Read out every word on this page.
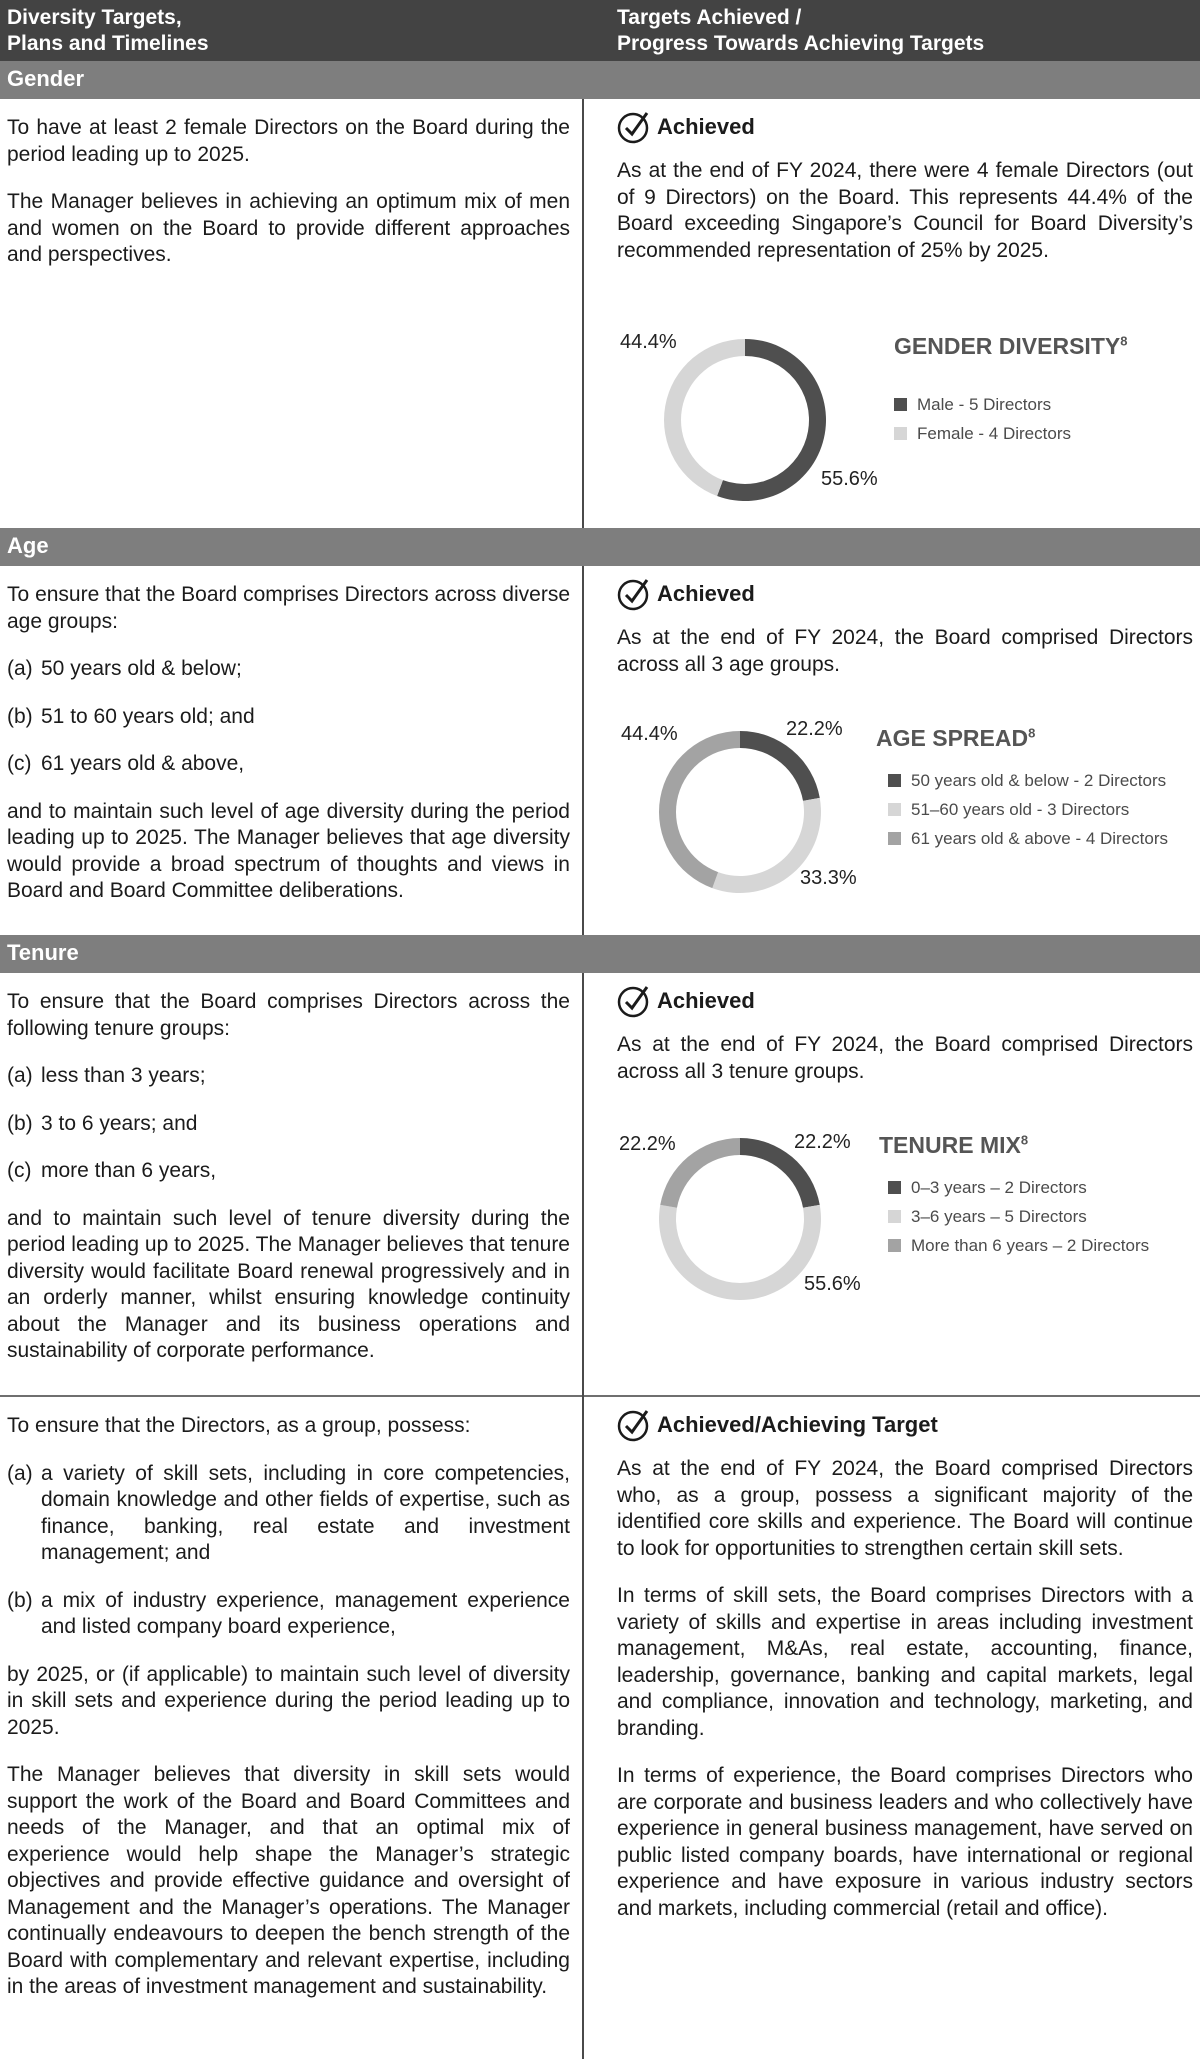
Diversity Targets,
Plans and Timelines
Targets Achieved /
Progress Towards Achieving Targets
Gender

To have at least 2 female Directors on the Board during the period leading up to 2025.

The Manager believes in achieving an optimum mix of men and women on the Board to provide different approaches and perspectives.

Achieved

As at the end of FY 2024, there were 4 female Directors (out of 9 Directors) on the Board. This represents 44.4% of the Board exceeding Singapore’s Council for Board Diversity’s recommended representation of 25% by 2025.

44.4%
55.6%
GENDER DIVERSITY$^8$
Male - 5 Directors
Female - 4 Directors
Age

To ensure that the Board comprises Directors across diverse age groups:

(a) 50 years old & below;
(b) 51 to 60 years old; and
(c) 61 years old & above,

and to maintain such level of age diversity during the period leading up to 2025. The Manager believes that age diversity would provide a broad spectrum of thoughts and views in Board and Board Committee deliberations.

Achieved

As at the end of FY 2024, the Board comprised Directors across all 3 age groups.

44.4%	22.2%
33.3%
AGE SPREAD$^8$
50 years old & below - 2 Directors
51–60 years old - 3 Directors
61 years old & above - 4 Directors
Tenure

To ensure that the Board comprises Directors across the following tenure groups:

(a) less than 3 years;
(b) 3 to 6 years; and
(c) more than 6 years,

and to maintain such level of tenure diversity during the period leading up to 2025. The Manager believes that tenure diversity would facilitate Board renewal progressively and in an orderly manner, whilst ensuring knowledge continuity about the Manager and its business operations and sustainability of corporate performance.

Achieved

As at the end of FY 2024, the Board comprised Directors across all 3 tenure groups.

22.2%	22.2%
55.6%
TENURE MIX$^8$
0–3 years – 2 Directors
3–6 years – 5 Directors
More than 6 years – 2 Directors

To ensure that the Directors, as a group, possess:

(a) a variety of skill sets, including in core competencies, domain knowledge and other fields of expertise, such as finance, banking, real estate and investment management; and
(b) a mix of industry experience, management experience and listed company board experience,

by 2025, or (if applicable) to maintain such level of diversity in skill sets and experience during the period leading up to 2025.

The Manager believes that diversity in skill sets would support the work of the Board and Board Committees and needs of the Manager, and that an optimal mix of experience would help shape the Manager’s strategic objectives and provide effective guidance and oversight of Management and the Manager’s operations. The Manager continually endeavours to deepen the bench strength of the Board with complementary and relevant expertise, including in the areas of investment management and sustainability.

Achieved/Achieving Target

As at the end of FY 2024, the Board comprised Directors who, as a group, possess a significant majority of the identified core skills and experience. The Board will continue to look for opportunities to strengthen certain skill sets.

In terms of skill sets, the Board comprises Directors with a variety of skills and expertise in areas including investment management, M&As, real estate, accounting, finance, leadership, governance, banking and capital markets, legal and compliance, innovation and technology, marketing, and branding.

In terms of experience, the Board comprises Directors who are corporate and business leaders and who collectively have experience in general business management, have served on public listed company boards, have international or regional experience and have exposure in various industry sectors and markets, including commercial (retail and office).
